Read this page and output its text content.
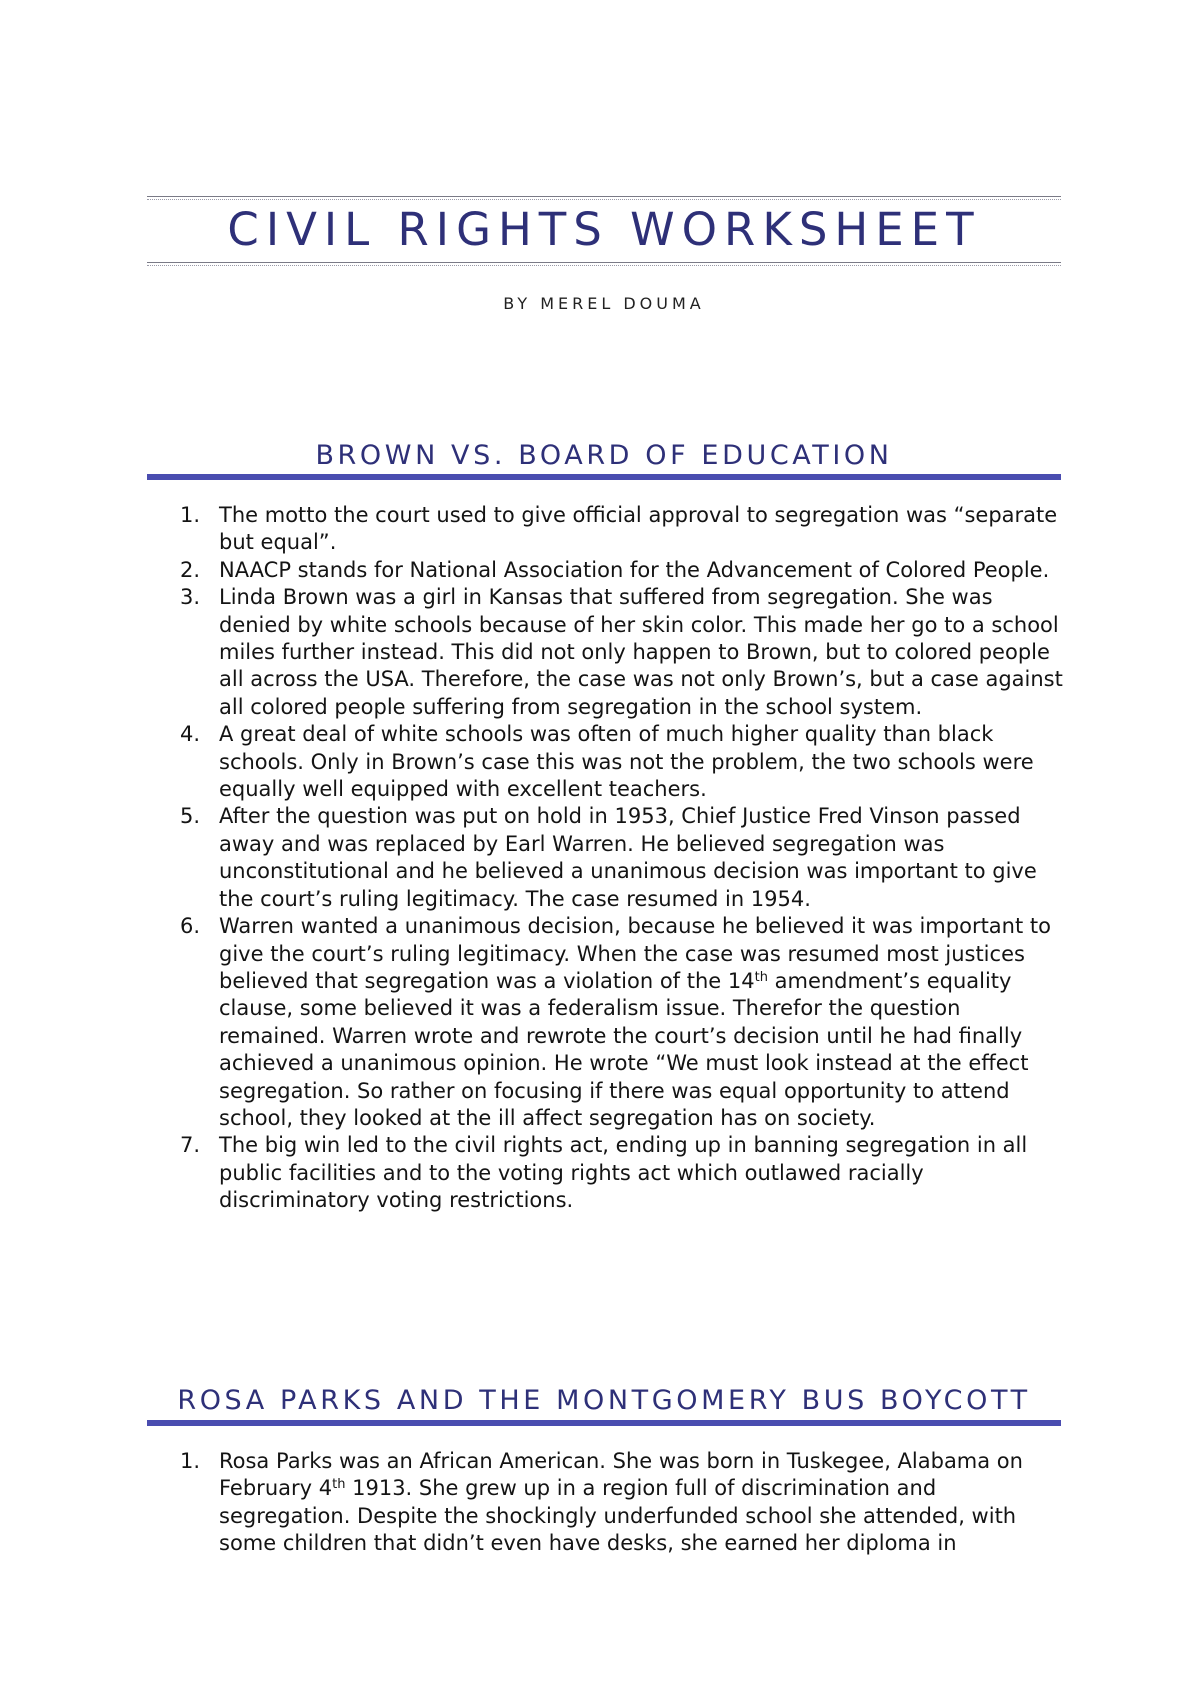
CIVIL RIGHTS WORKSHEET
BY MEREL DOUMA
BROWN VS. BOARD OF EDUCATION
1. The motto the court used to give official approval to segregation was “separate but equal”.
2. NAACP stands for National Association for the Advancement of Colored People.
3. Linda Brown was a girl in Kansas that suffered from segregation. She was denied by white schools because of her skin color. This made her go to a school miles further instead. This did not only happen to Brown, but to colored people all across the USA. Therefore, the case was not only Brown’s, but a case against all colored people suffering from segregation in the school system.
4. A great deal of white schools was often of much higher quality than black schools. Only in Brown’s case this was not the problem, the two schools were equally well equipped with excellent teachers.
5. After the question was put on hold in 1953, Chief Justice Fred Vinson passed away and was replaced by Earl Warren. He believed segregation was unconstitutional and he believed a unanimous decision was important to give the court’s ruling legitimacy. The case resumed in 1954.
6. Warren wanted a unanimous decision, because he believed it was important to give the court’s ruling legitimacy. When the case was resumed most justices believed that segregation was a violation of the 14th amendment’s equality clause, some believed it was a federalism issue. Therefor the question remained. Warren wrote and rewrote the court’s decision until he had finally achieved a unanimous opinion. He wrote “We must look instead at the effect segregation. So rather on focusing if there was equal opportunity to attend school, they looked at the ill affect segregation has on society.
7. The big win led to the civil rights act, ending up in banning segregation in all public facilities and to the voting rights act which outlawed racially discriminatory voting restrictions.
ROSA PARKS AND THE MONTGOMERY BUS BOYCOTT
1. Rosa Parks was an African American. She was born in Tuskegee, Alabama on February 4th 1913. She grew up in a region full of discrimination and segregation. Despite the shockingly underfunded school she attended, with some children that didn’t even have desks, she earned her diploma in
